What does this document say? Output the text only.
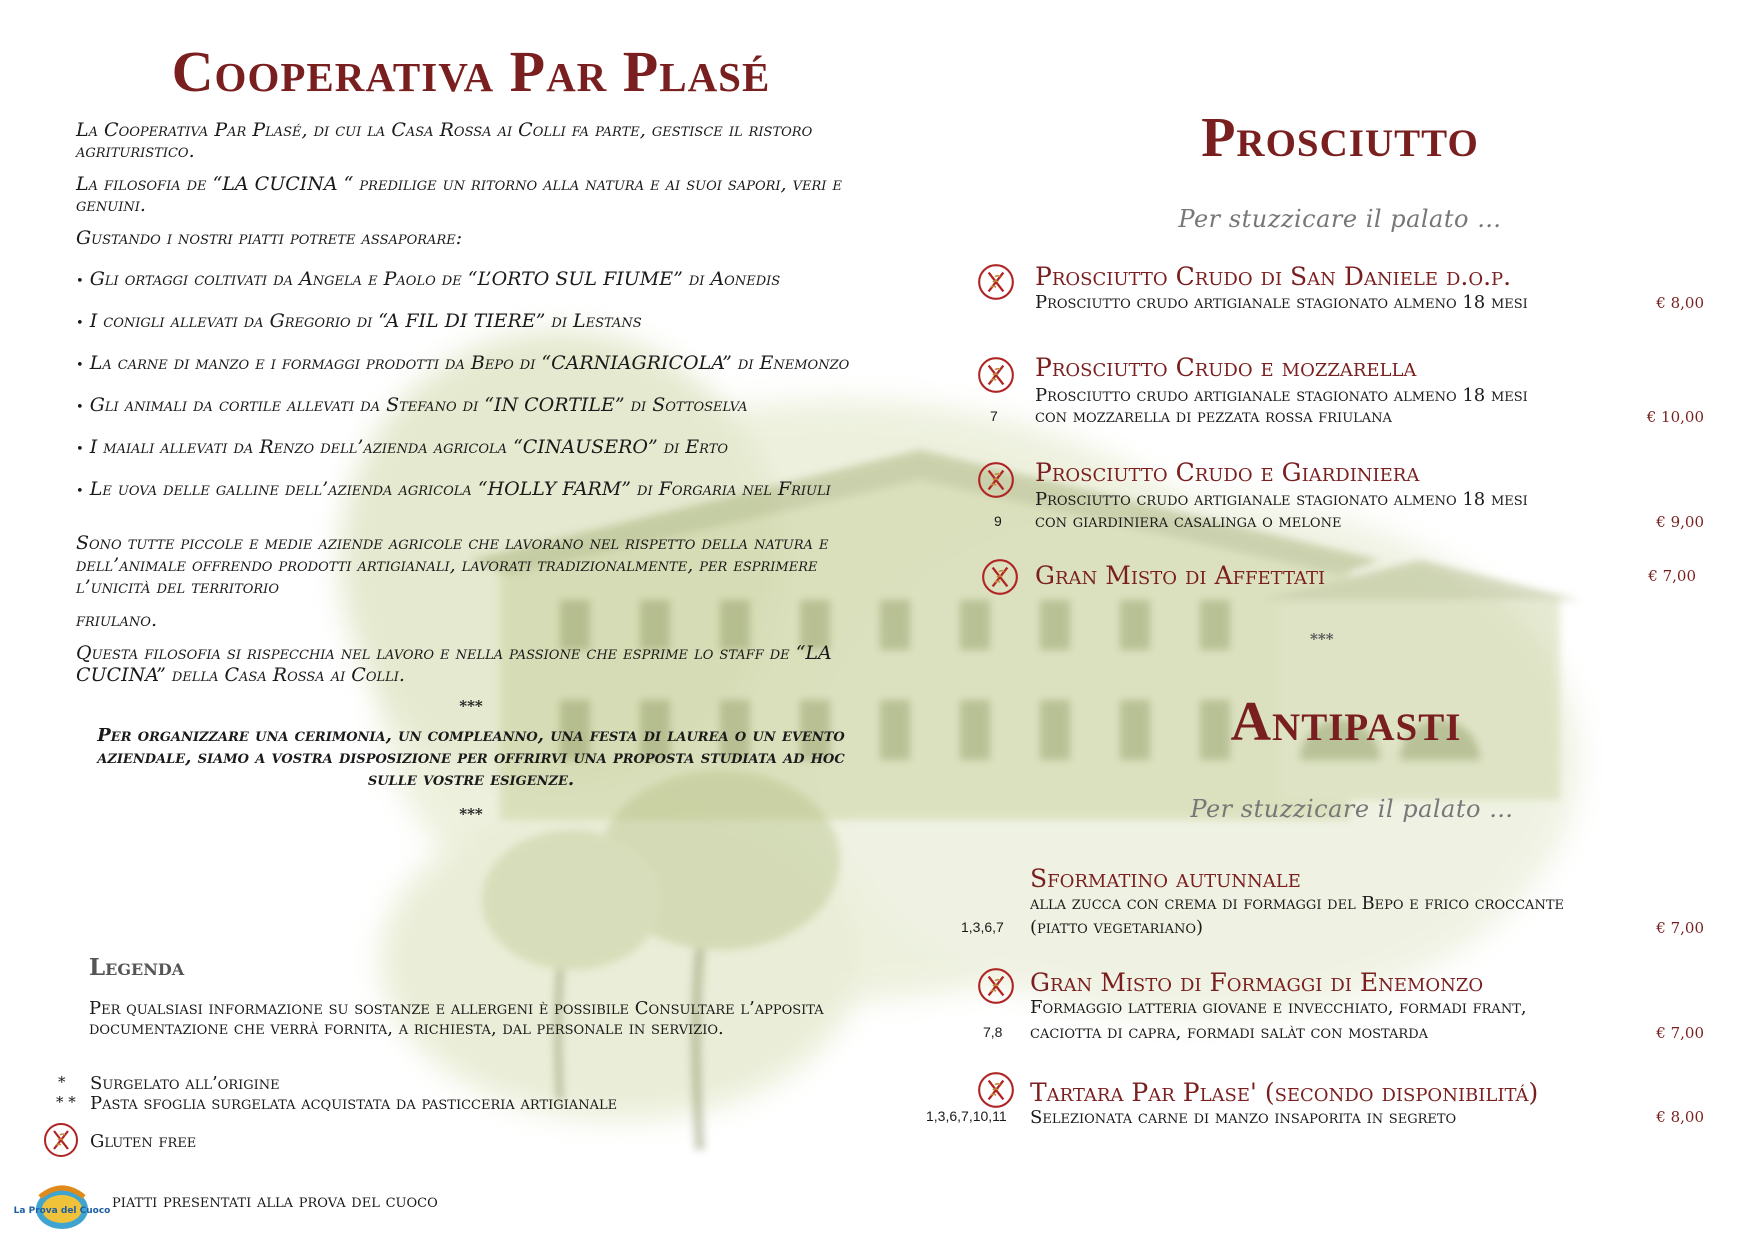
Cooperativa Par Plasé

La Cooperativa Par Plasé, di cui la Casa Rossa ai Colli fa parte, gestisce il ristoro agrituristico.

La filosofia de “LA CUCINA “ predilige un ritorno alla natura e ai suoi sapori, veri e genuini.

Gustando i nostri piatti potrete assaporare:

• Gli ortaggi coltivati da Angela e Paolo de “L’ORTO SUL FIUME” di Aonedis
• I conigli allevati da Gregorio di “A FIL DI TIERE” di Lestans
• La carne di manzo e i formaggi prodotti da Bepo di “CARNIAGRICOLA” di Enemonzo
• Gli animali da cortile allevati da Stefano di “IN CORTILE” di Sottoselva
• I maiali allevati da Renzo dell’azienda agricola “CINAUSERO” di Erto
• Le uova delle galline dell’azienda agricola “HOLLY FARM” di Forgaria nel Friuli

Sono tutte piccole e medie aziende agricole che lavorano nel rispetto della natura e dell’animale offrendo prodotti artigianali, lavorati tradizionalmente, per esprimere l’unicità del territorio

friulano.

Questa filosofia si rispecchia nel lavoro e nella passione che esprime lo staff de “LA CUCINA” della Casa Rossa ai Colli.

***
Per organizzare una cerimonia, un compleanno, una festa di laurea o un evento aziendale, siamo a vostra disposizione per offrirvi una proposta studiata ad hoc sulle vostre esigenze.
***
Legenda
Per qualsiasi informazione su sostanze e allergeni è possibile Consultare l’apposita documentazione che verrà fornita, a richiesta, dal personale in servizio.
* Surgelato all’origine
* * Pasta sfoglia surgelata acquistata da pasticceria artigianale
Gluten free
La Prova del Cuoco piatti presentati alla prova del cuoco
Prosciutto
Per stuzzicare il palato …
Prosciutto Crudo di San Daniele d.o.p.
Prosciutto crudo artigianale stagionato almeno 18 mesi	€ 8,00
Prosciutto Crudo e mozzarella
Prosciutto crudo artigianale stagionato almeno 18 mesi
con mozzarella di pezzata rossa friulana
7	€ 10,00
Prosciutto Crudo e Giardiniera
Prosciutto crudo artigianale stagionato almeno 18 mesi
con giardiniera casalinga o melone
9	€ 9,00
Gran Misto di Affettati	€ 7,00
***
Antipasti
Per stuzzicare il palato …
Sformatino autunnale
alla zucca con crema di formaggi del Bepo e frico croccante
(piatto vegetariano)
1,3,6,7	€ 7,00
Gran Misto di Formaggi di Enemonzo
Formaggio latteria giovane e invecchiato, formadi frant,
caciotta di capra, formadi salàt con mostarda
7,8	€ 7,00
Tartara Par Plase' (secondo disponibilitá)
Selezionata carne di manzo insaporita in segreto
1,3,6,7,10,11	€ 8,00
